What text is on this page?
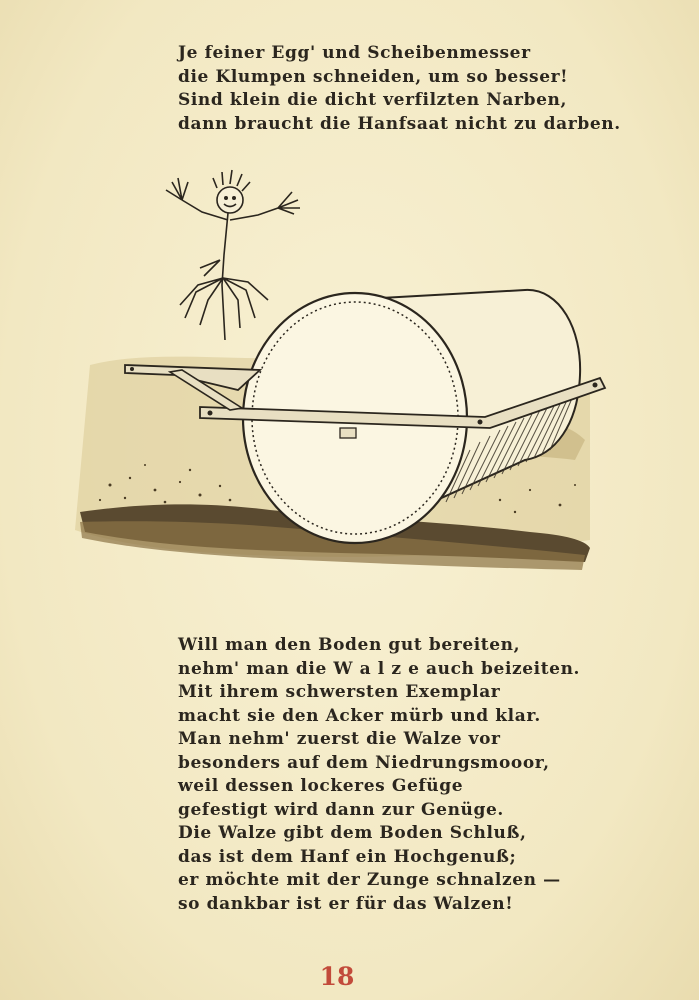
Je feiner Egg' und Scheibenmesser
die Klumpen schneiden, um so besser!
Sind klein die dicht verfilzten Narben,
dann braucht die Hanfsaat nicht zu darben.
Will man den Boden gut bereiten,
nehm' man die W a l z e auch beizeiten.
Mit ihrem schwersten Exemplar
macht sie den Acker mürb und klar.
Man nehm' zuerst die Walze vor
besonders auf dem Niedrungsmooor,
weil dessen lockeres Gefüge
gefestigt wird dann zur Genüge.
Die Walze gibt dem Boden Schluß,
das ist dem Hanf ein Hochgenuß;
er möchte mit der Zunge schnalzen —
so dankbar ist er für das Walzen!
18
